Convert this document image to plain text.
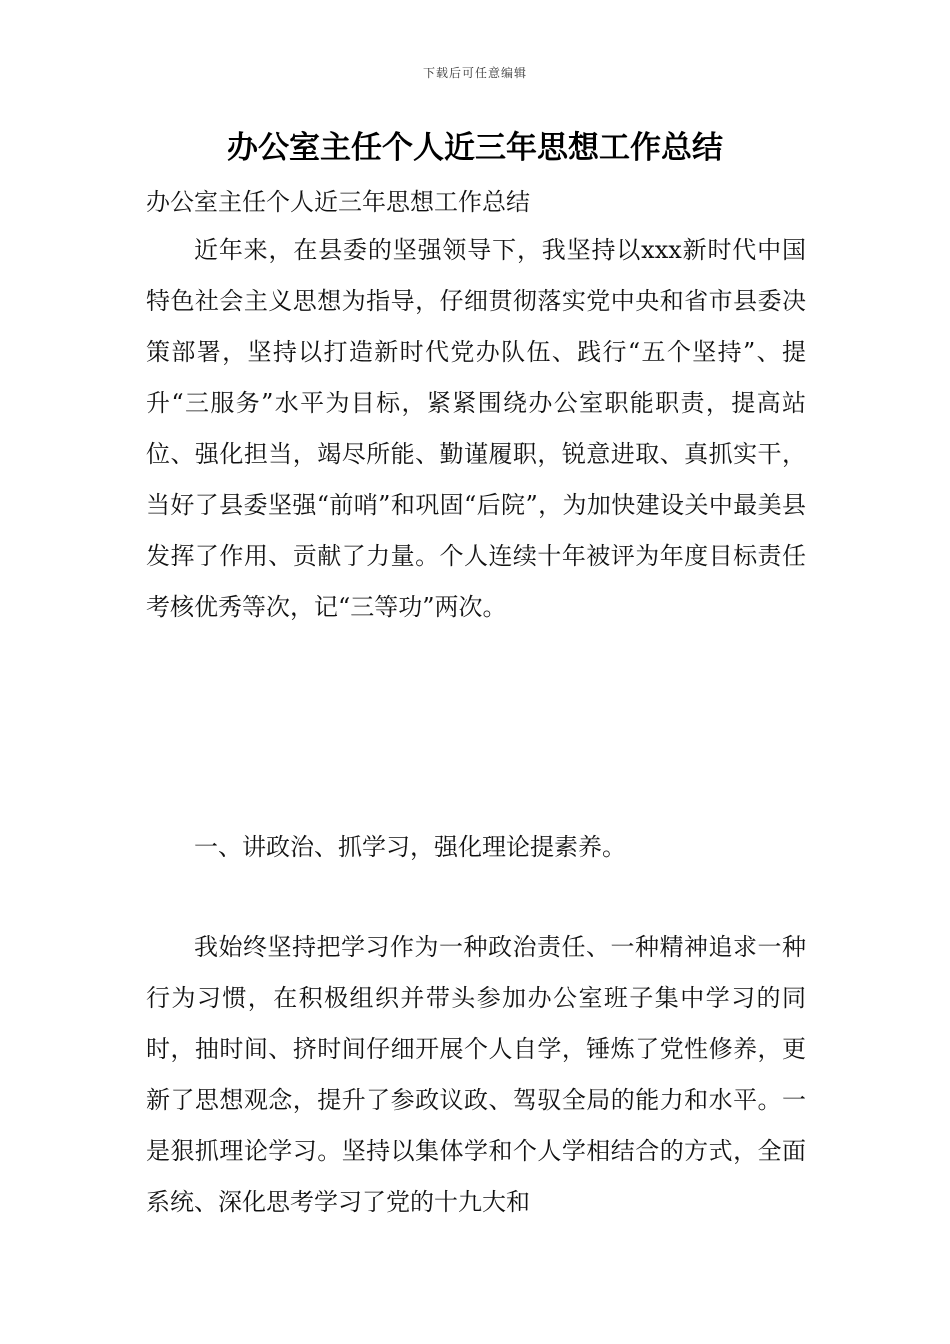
下载后可任意编辑
办公室主任个人近三年思想工作总结

办公室主任个人近三年思想工作总结

近年来，在县委的坚强领导下，我坚持以xxx新时代中国特色社会主义思想为指导，仔细贯彻落实党中央和省市县委决策部署，坚持以打造新时代党办队伍、践行“五个坚持”、提升“三服务”水平为目标，紧紧围绕办公室职能职责，提高站位、强化担当，竭尽所能、勤谨履职，锐意进取、真抓实干，当好了县委坚强“前哨”和巩固“后院”，为加快建设关中最美县发挥了作用、贡献了力量。个人连续十年被评为年度目标责任考核优秀等次，记“三等功”两次。

一、讲政治、抓学习，强化理论提素养。

我始终坚持把学习作为一种政治责任、一种精神追求一种行为习惯，在积极组织并带头参加办公室班子集中学习的同时，抽时间、挤时间仔细开展个人自学，锤炼了党性修养，更新了思想观念，提升了参政议政、驾驭全局的能力和水平。一是狠抓理论学习。坚持以集体学和个人学相结合的方式，全面系统、深化思考学习了党的十九大和
